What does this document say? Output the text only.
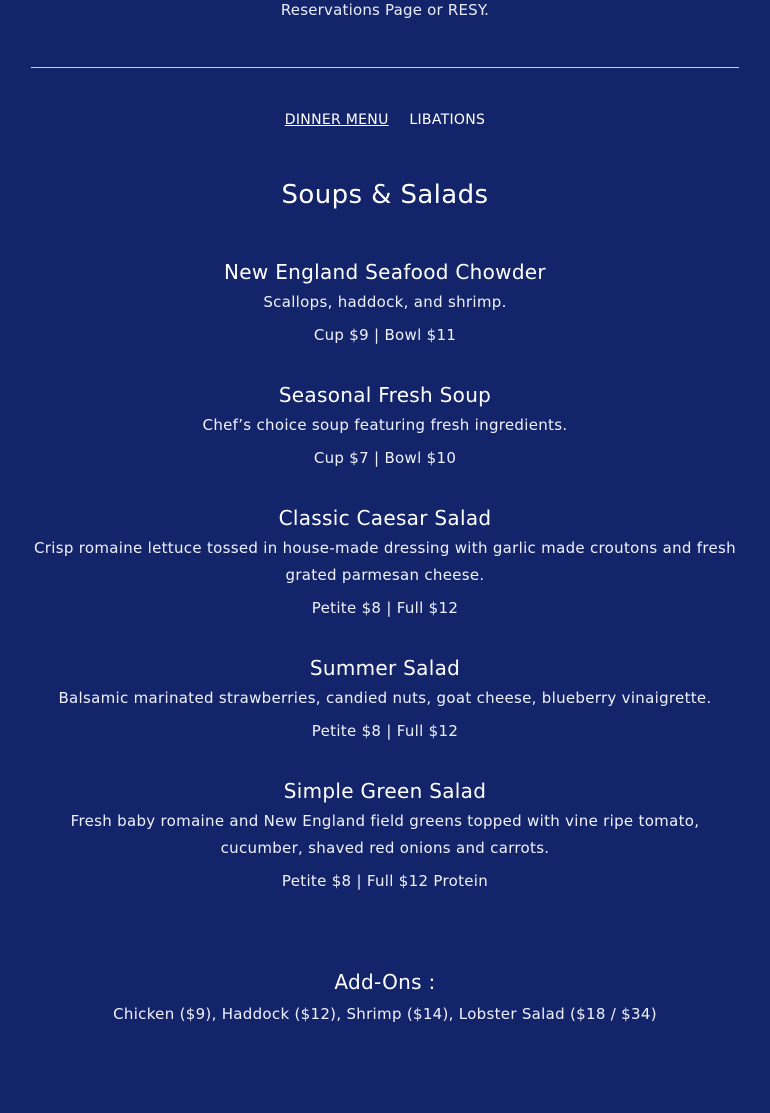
Reservations Page or RESY.
DINNER MENU LIBATIONS
Soups & Salads
New England Seafood Chowder
Scallops, haddock, and shrimp.
Cup $9 | Bowl $11
Seasonal Fresh Soup
Chef’s choice soup featuring fresh ingredients.
Cup $7 | Bowl $10
Classic Caesar Salad
Crisp romaine lettuce tossed in house-made dressing with garlic made croutons and fresh grated parmesan cheese.
Petite $8 | Full $12
Summer Salad
Balsamic marinated strawberries, candied nuts, goat cheese, blueberry vinaigrette.
Petite $8 | Full $12
Simple Green Salad
Fresh baby romaine and New England field greens topped with vine ripe tomato, cucumber, shaved red onions and carrots.
Petite $8 | Full $12 Protein
Add-Ons :
Chicken ($9), Haddock ($12), Shrimp ($14), Lobster Salad ($18 / $34)
